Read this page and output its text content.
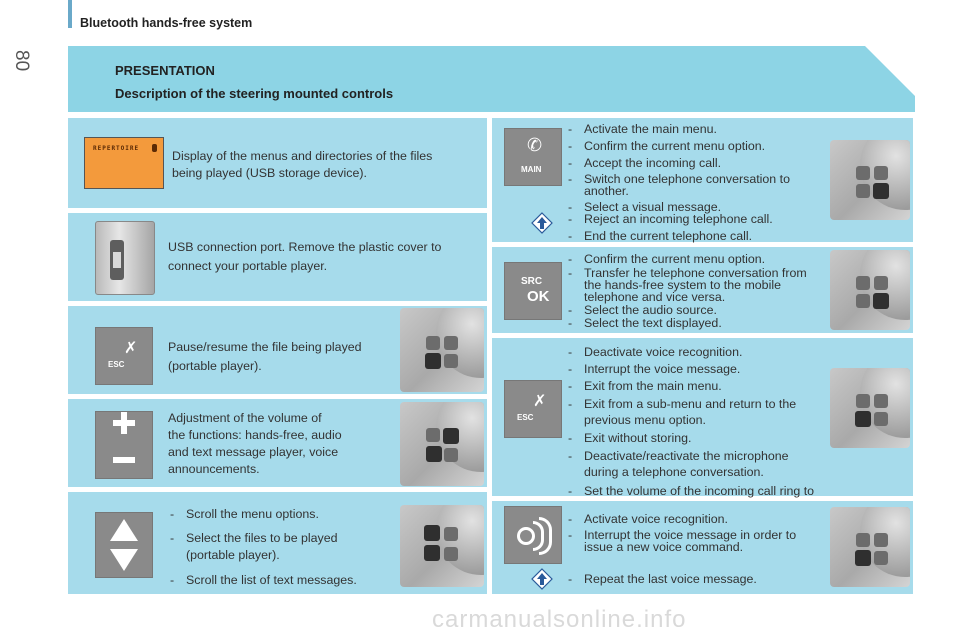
80
Bluetooth hands-free system
PRESENTATION
Description of the steering mounted controls
REPERTOIRE
Display of the menus and directories of the files
being played (USB storage device).
USB connection port. Remove the plastic cover to
connect your portable player.
✗
ESC
Pause/resume the file being played
(portable player).
Adjustment of the volume of
the functions: hands-free, audio
and text message player, voice
announcements.
- Scroll the menu options.
- Select the files to be played (portable player).
- Scroll the list of text messages.
✆
MAIN
- Activate the main menu.
- Confirm the current menu option.
- Accept the incoming call.
- Switch one telephone conversation to another.
- Select a visual message.
- Reject an incoming telephone call.
- End the current telephone call.
SRC
OK
- Confirm the current menu option.
- Transfer he telephone conversation from the hands-free system to the mobile telephone and vice versa.
- Select the audio source.
- Select the text displayed.
✗
ESC
- Deactivate voice recognition.
- Interrupt the voice message.
- Exit from the main menu.
- Exit from a sub-menu and return to the previous menu option.
- Exit without storing.
- Deactivate/reactivate the microphone during a telephone conversation.
- Set the volume of the incoming call ring to
- Activate voice recognition.
- Interrupt the voice message in order to issue a new voice command.
- Repeat the last voice message.
carmanualsonline.info
